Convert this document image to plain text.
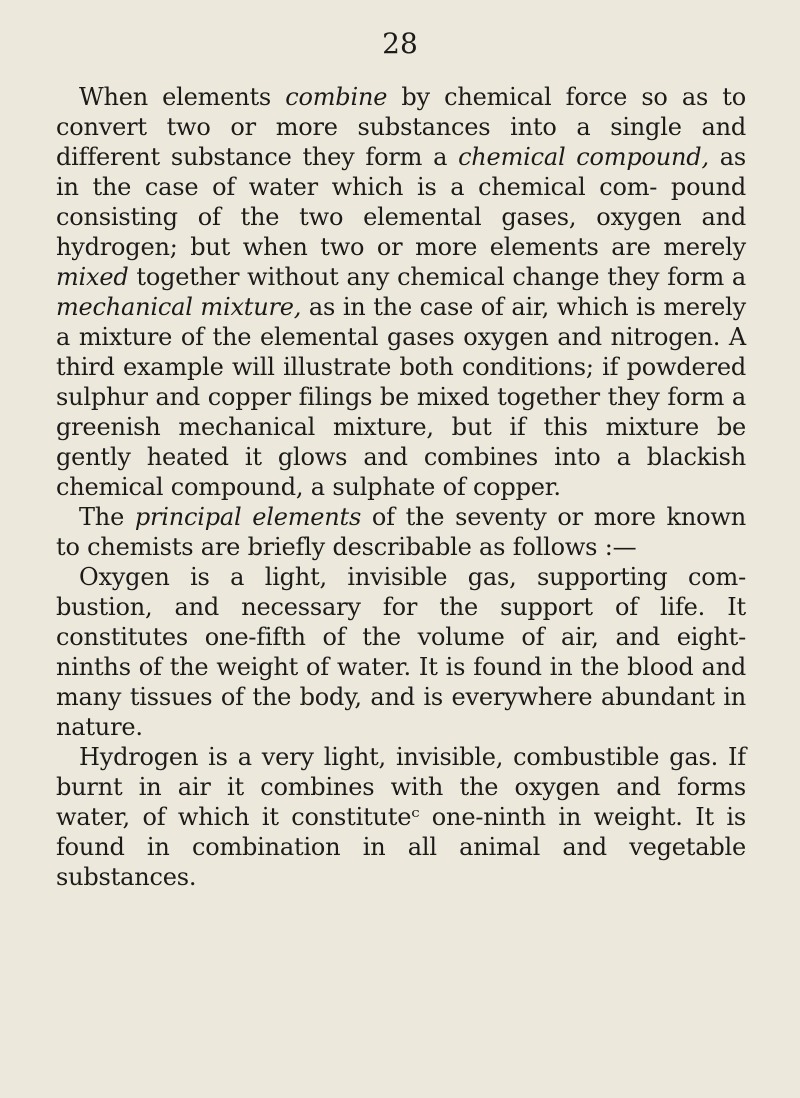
28

When elements combine by chemical force so as to convert two or more substances into a single and different substance they form a chemical compound, as in the case of water which is a chemical com- pound consisting of the two elemental gases, oxygen and hydrogen; but when two or more elements are merely mixed together without any chemical change they form a mechanical mixture, as in the case of air, which is merely a mixture of the elemental gases oxygen and nitrogen. A third example will illustrate both conditions; if powdered sulphur and copper filings be mixed together they form a greenish mechanical mixture, but if this mixture be gently heated it glows and combines into a blackish chemical compound, a sulphate of copper.

The principal elements of the seventy or more known to chemists are briefly describable as follows :—

Oxygen is a light, invisible gas, supporting com- bustion, and necessary for the support of life. It constitutes one-fifth of the volume of air, and eight- ninths of the weight of water. It is found in the blood and many tissues of the body, and is everywhere abundant in nature.

Hydrogen is a very light, invisible, combustible gas. If burnt in air it combines with the oxygen and forms water, of which it constituteᶜ one-ninth in weight. It is found in combination in all animal and vegetable substances.
